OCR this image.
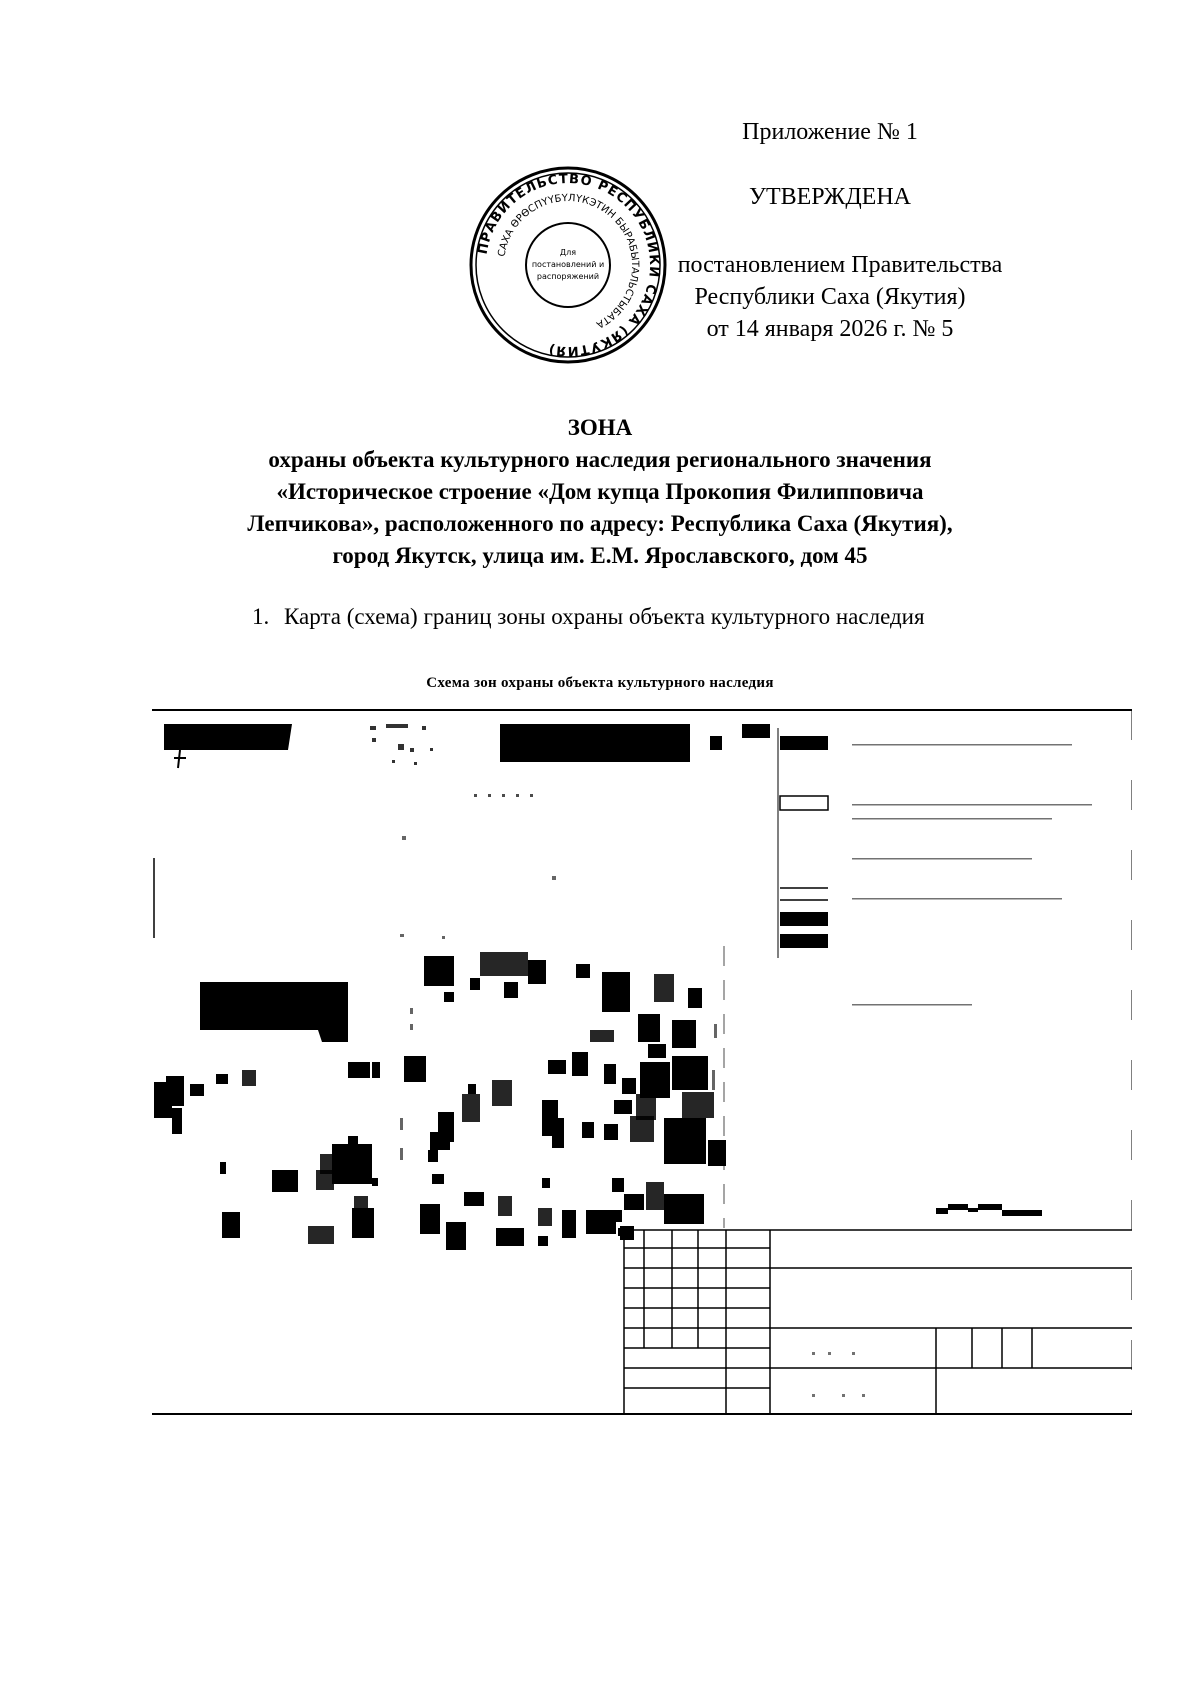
Приложение № 1
УТВЕРЖДЕНА
постановлением Правительства
Республики Саха (Якутия)
от 14 января 2026 г. № 5
ПРАВИТЕЛЬСТВО РЕСПУБЛИКИ САХА (ЯКУТИЯ)
САХА ӨРӨСПҮҮБҮЛҮКЭТИН БЫРАБЫТАЛЬСТЫБАТА
Для
постановлений и
распоряжений
ЗОНА
охраны объекта культурного наследия регионального значения
«Историческое строение «Дом купца Прокопия Филипповича
Лепчикова», расположенного по адресу: Республика Саха (Якутия),
город Якутск, улица им. Е.М. Ярославского, дом 45
1. Карта (схема) границ зоны охраны объекта культурного наследия
Схема зон охраны объекта культурного наследия
